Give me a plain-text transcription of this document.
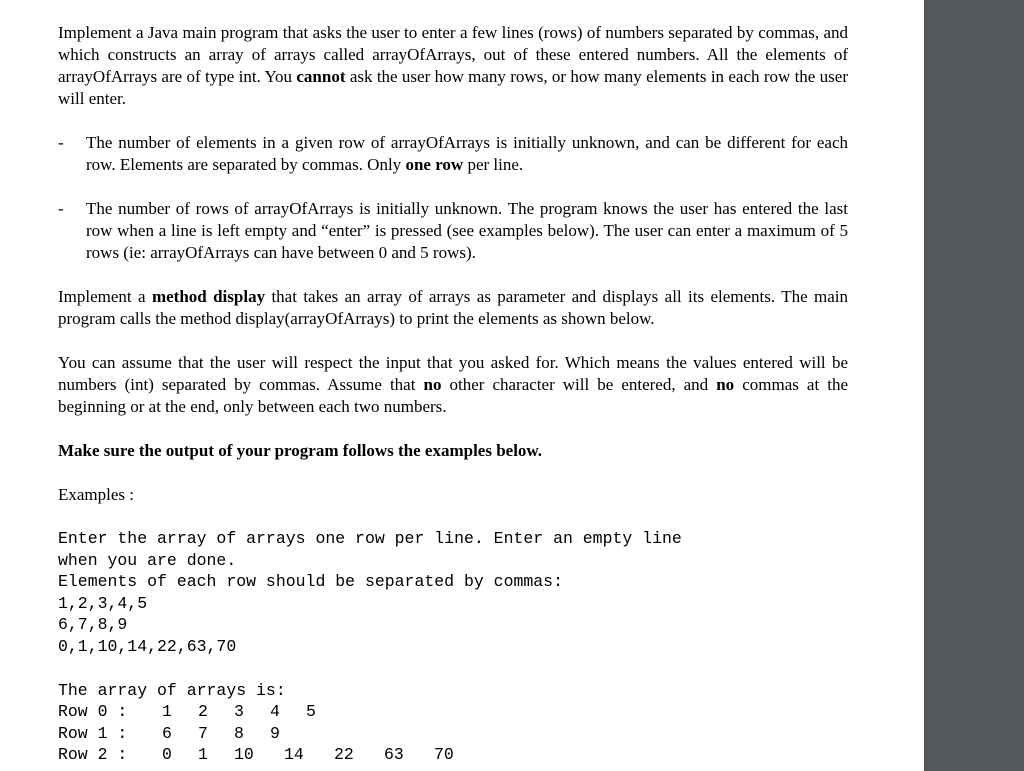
Implement a Java main program that asks the user to enter a few lines (rows) of numbers separated by commas, and which constructs an array of arrays called arrayOfArrays, out of these entered numbers. All the elements of arrayOfArrays are of type int. You cannot ask the user how many rows, or how many elements in each row the user will enter.

-	The number of elements in a given row of arrayOfArrays is initially unknown, and can be different for each row. Elements are separated by commas. Only one row per line.
-	The number of rows of arrayOfArrays is initially unknown. The program knows the user has entered the last row when a line is left empty and “enter” is pressed (see examples below). The user can enter a maximum of 5 rows (ie: arrayOfArrays can have between 0 and 5 rows).

Implement a method display that takes an array of arrays as parameter and displays all its elements. The main program calls the method display(arrayOfArrays) to print the elements as shown below.

You can assume that the user will respect the input that you asked for. Which means the values entered will be numbers (int) separated by commas. Assume that no other character will be entered, and no commas at the beginning or at the end, only between each two numbers.

Make sure the output of your program follows the examples below.

Examples :

Enter the array of arrays one row per line. Enter an empty line
when you are done.
Elements of each row should be separated by commas:
1,2,3,4,5
6,7,8,9
0,1,10,14,22,63,70
The array of arrays is:
Row 0 :	1 2 3 4 5
Row 1 :	6 7 8 9
Row 2 :	0 1 10 14 22 63 70
